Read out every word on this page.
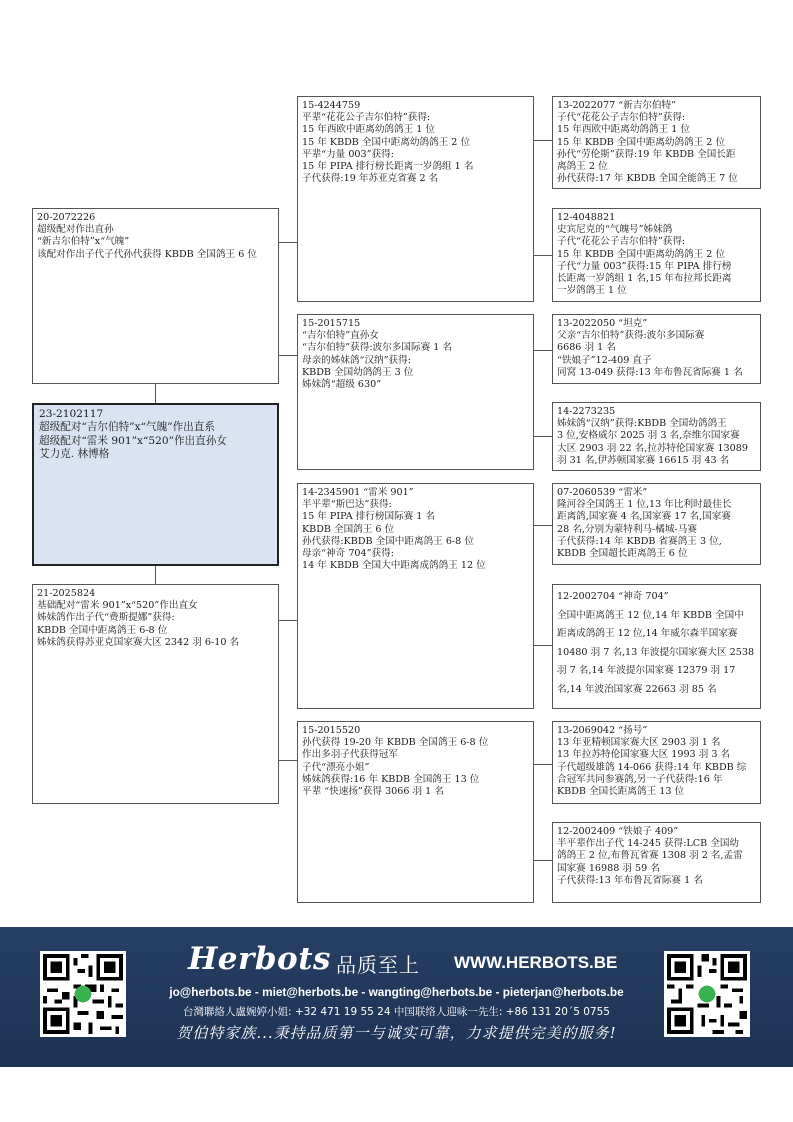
20-2072226
超级配对作出直孙
“新吉尔伯特”x“气魄”
该配对作出子代子代孙代获得 KBDB 全国鸽王 6 位
23-2102117
超级配对“吉尔伯特”x“气魄”作出直系
超级配对“雷米 901”x“520”作出直孙女
艾力克. 林博格
21-2025824
基础配对“雷米 901”x“520”作出直女
姊妹鸽作出子代“费斯提娜”获得:
KBDB 全国中距离鸽王 6-8 位
姊妹鸽获得苏亚克国家赛大区 2342 羽 6-10 名
15-4244759
平辈“花花公子吉尔伯特”获得:
15 年西欧中距离幼鸽鸽王 1 位
15 年 KBDB 全国中距离幼鸽鸽王 2 位
平辈“力量 003”获得:
15 年 PIPA 排行榜长距离一岁鸽组 1 名
子代获得:19 年苏亚克省赛 2 名
15-2015715
“吉尔伯特”直孙女
“吉尔伯特”获得:波尔多国际赛 1 名
母亲的姊妹鸽“汉纳”获得:
KBDB 全国幼鸽鸽王 3 位
姊妹鸽“超级 630”
14-2345901 “雷米 901”
半平辈“斯巴达”获得:
15 年 PIPA 排行榜国际赛 1 名
KBDB 全国鸽王 6 位
孙代获得:KBDB 全国中距离鸽王 6-8 位
母亲“神奇 704”获得:
14 年 KBDB 全国大中距离成鸽鸽王 12 位
15-2015520
孙代获得 19-20 年 KBDB 全国鸽王 6-8 位
作出多羽子代获得冠军
子代“漂亮小姐”
姊妹鸽获得:16 年 KBDB 全国鸽王 13 位
平辈 “快速扬”获得 3066 羽 1 名
13-2022077 “新吉尔伯特”
子代“花花公子吉尔伯特”获得:
15 年西欧中距离幼鸽鸽王 1 位
15 年 KBDB 全国中距离幼鸽鸽王 2 位
孙代“劳伦斯”获得:19 年 KBDB 全国长距
离鸽王 2 位
孙代获得:17 年 KBDB 全国全能鸽王 7 位
12-4048821
史宾尼克的“气魄号”姊妹鸽
子代“花花公子吉尔伯特”获得:
15 年 KBDB 全国中距离幼鸽鸽王 2 位
子代“力量 003”获得:15 年 PIPA 排行榜
长距离一岁鸽组 1 名,15 年布拉邦长距离
一岁鸽鸽王 1 位
13-2022050 “坦克”
父亲“吉尔伯特”获得:波尔多国际赛
6686 羽 1 名
“铁娘子”12-409 直子
同窝 13-049 获得:13 年布鲁瓦省际赛 1 名
14-2273235
姊妹鸽“汉纳”获得:KBDB 全国幼鸽鸽王
3 位,安格威尔 2025 羽 3 名,奈维尔国家赛
大区 2903 羽 22 名,拉苏特伦国家赛 13089
羽 31 名,伊苏顿国家赛 16615 羽 43 名
07-2060539 “雷米”
隆河谷全国鸽王 1 位,13 年比利时最佳长
距离鸽,国家赛 4 名,国家赛 17 名,国家赛
28 名,分别为蒙特利马-橘城-马赛
子代获得:14 年 KBDB 省赛鸽王 3 位,
KBDB 全国超长距离鸽王 6 位
12-2002704 “神奇 704”
全国中距离鸽王 12 位,14 年 KBDB 全国中
距离成鸽鸽王 12 位,14 年威尔森半国家赛
10480 羽 7 名,13 年波提尔国家赛大区 2538
羽 7 名,14 年波提尔国家赛 12379 羽 17
名,14 年波治国家赛 22663 羽 85 名
13-2069042 “扬号”
13 年亚精顿国家赛大区 2903 羽 1 名
13 年拉苏特伦国家赛大区 1993 羽 3 名
子代超级雄鸽 14-066 获得:14 年 KBDB 综
合冠军共同参赛鸽,另一子代获得:16 年
KBDB 全国长距离鸽王 13 位
12-2002409 “铁娘子 409”
半平辈作出子代 14-245 获得:LCB 全国幼
鸽鸽王 2 位,布鲁瓦省赛 1308 羽 2 名,孟雷
国家赛 16988 羽 59 名
子代获得:13 年布鲁瓦省际赛 1 名
Herbots 品质至上 WWW.HERBOTS.BE
jo@herbots.be - miet@herbots.be - wangting@herbots.be - pieterjan@herbots.be
台灣聯絡人盧婉婷小姐: +32 471 19 55 24 中国联络人迎咏一先生: +86 131 20´5 0755
贺伯特家族...秉持品质第一与诚实可靠，力求提供完美的服务!
